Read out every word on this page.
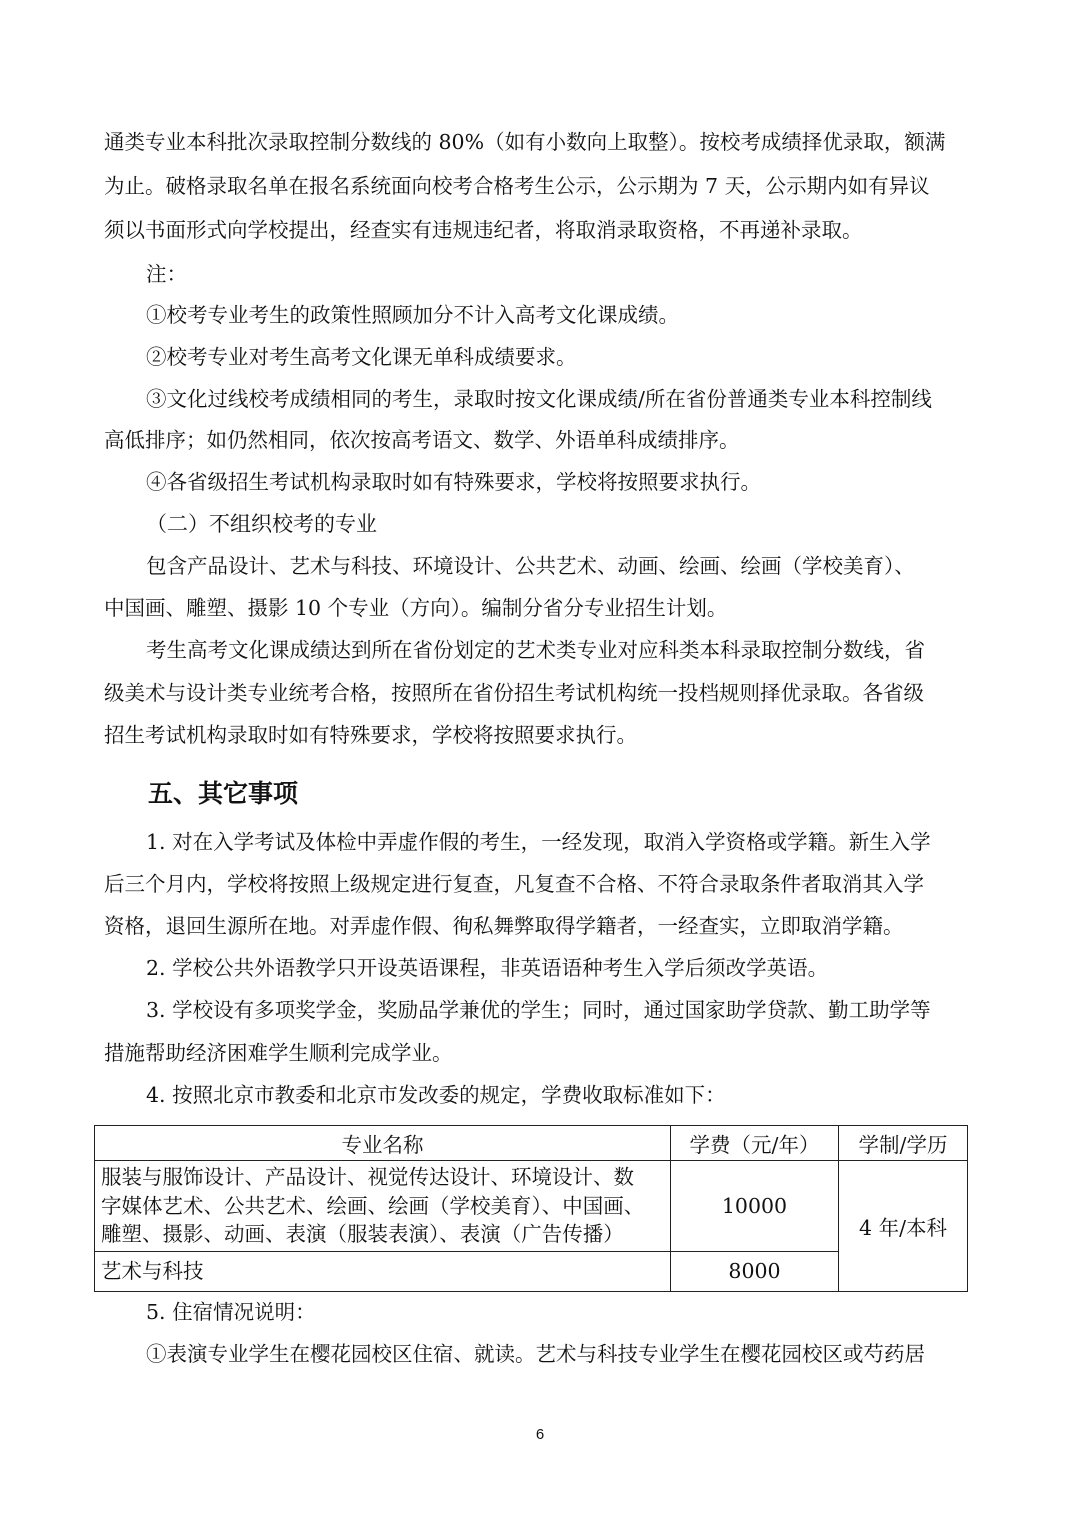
通类专业本科批次录取控制分数线的 80%（如有小数向上取整）。按校考成绩择优录取，额满
为止。破格录取名单在报名系统面向校考合格考生公示，公示期为 7 天，公示期内如有异议
须以书面形式向学校提出，经查实有违规违纪者，将取消录取资格，不再递补录取。
注：
①校考专业考生的政策性照顾加分不计入高考文化课成绩。
②校考专业对考生高考文化课无单科成绩要求。
③文化过线校考成绩相同的考生，录取时按文化课成绩/所在省份普通类专业本科控制线
高低排序；如仍然相同，依次按高考语文、数学、外语单科成绩排序。
④各省级招生考试机构录取时如有特殊要求，学校将按照要求执行。
（二）不组织校考的专业
包含产品设计、艺术与科技、环境设计、公共艺术、动画、绘画、绘画（学校美育）、
中国画、雕塑、摄影 10 个专业（方向）。编制分省分专业招生计划。
考生高考文化课成绩达到所在省份划定的艺术类专业对应科类本科录取控制分数线，省
级美术与设计类专业统考合格，按照所在省份招生考试机构统一投档规则择优录取。各省级
招生考试机构录取时如有特殊要求，学校将按照要求执行。
五、其它事项
1. 对在入学考试及体检中弄虚作假的考生，一经发现，取消入学资格或学籍。新生入学
后三个月内，学校将按照上级规定进行复查，凡复查不合格、不符合录取条件者取消其入学
资格，退回生源所在地。对弄虚作假、徇私舞弊取得学籍者，一经查实，立即取消学籍。
2. 学校公共外语教学只开设英语课程，非英语语种考生入学后须改学英语。
3. 学校设有多项奖学金，奖励品学兼优的学生；同时，通过国家助学贷款、勤工助学等
措施帮助经济困难学生顺利完成学业。
4. 按照北京市教委和北京市发改委的规定，学费收取标准如下：
专业名称	学费（元/年）	学制/学历

服装与服饰设计、产品设计、视觉传达设计、环境设计、数
字媒体艺术、公共艺术、绘画、绘画（学校美育）、中国画、
雕塑、摄影、动画、表演（服装表演）、表演（广告传播）	10000	4 年/本科
艺术与科技	8000	
5. 住宿情况说明：
①表演专业学生在樱花园校区住宿、就读。艺术与科技专业学生在樱花园校区或芍药居
6
